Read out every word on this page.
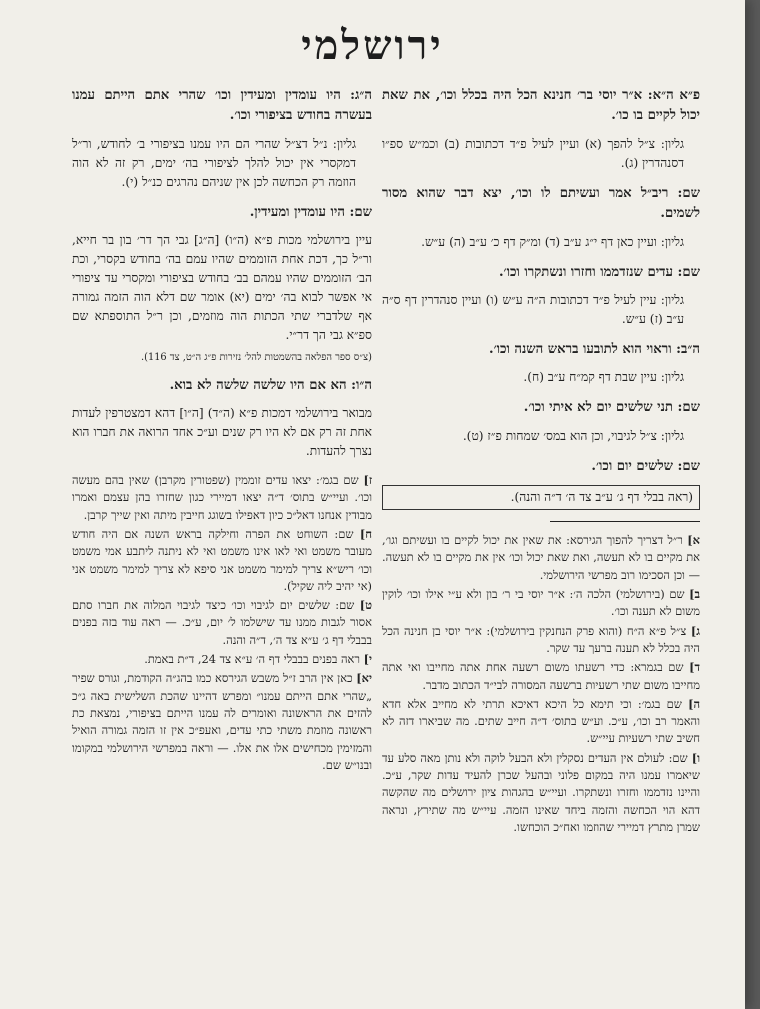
ירושלמי
פ״א ה״א: א״ר יוסי בר׳ חנינא הכל היה בכלל וכו׳, את שאת יכול לקיים בו כו׳.
גליון: צ״ל להפך (א) ועיין לעיל פ״ד דכתובות (ב) וכמ״ש ספ״ו דסנהדרין (ג).
שם: ריב״ל אמר ועשיתם לו וכו׳, יצא דבר שהוא מסור לשמים.
גליון: ועיין כאן דף י״ג ע״ב (ד) ומ״ק דף כ׳ ע״ב (ה) ע״ש.
שם: עדים שנזדממו וחזרו ונשתקרו וכו׳.
גליון: עיין לעיל פ״ד דכתובות ה״ה ע״ש (ו) ועיין סנהדרין דף ס״ה ע״ב (ז) ע״ש.
ה״ב: וראוי הוא לתובעו בראש השנה וכו׳.
גליון: עיין שבת דף קמ״ח ע״ב (ח).
שם: תני שלשים יום לא איתי וכו׳.
גליון: צ״ל לגיבוי, וכן הוא במס׳ שמחות פ״ז (ט).
שם: שלשים יום וכו׳.
(ראה בבלי דף ג׳ ע״ב צד ה׳ ד״ה והנה).
א] ר״ל דצריך להפוך הגירסא: את שאין את יכול לקיים בו ועשיתם וגו׳, את מקיים בו לא תעשה, ואת שאת יכול וכו׳ אין את מקיים בו לא תעשה. — וכן הסכימו רוב מפרשי הירושלמי.
ב] שם (בירושלמי) הלכה ה׳: א״ר יוסי בי ר׳ בון ולא ע״י אילו וכו׳ לוקין משום לא תענה וכו׳.
ג] צ״ל פ״א ה״ח (והוא פרק הנחנקין בירושלמי): א״ר יוסי בן חנינה הכל היה בכלל לא תענה ברעך עד שקר.
ד] שם בגמרא: כדי רשעתו משום רשעה אחת אתה מחייבו ואי אתה מחייבו משום שתי רשעיות ברשעה המסורה לבי״ד הכתוב מדבר.
ה] שם בגמ׳: וכי תימא כל היכא דאיכא תרתי לא מחייב אלא חדא והאמר רב וכו׳, ע״כ. וע״ש בתוס׳ ד״ה חייב שתים. מה שביארו דזה לא חשיב שתי רשעיות עיי״ש.
ו] שם: לעולם אין העדים נסקלין ולא הבעל לוקה ולא נותן מאה סלע עד שיאמרו עמנו היה במקום פלוני ובהעל שכרן להעיד עדות שקר, ע״כ. והיינו נזדממו וחזרו ונשתקרו. ועיי״ש בהגהות ציון ירושלים מה שהקשה דהא הוי הכחשה והזמה ביחד שאינו הזמה. עיי״ש מה שתירץ, ונראה שמרן מתרץ דמיירי שהוזמו ואח״כ הוכחשו.
ה״ג: היו עומדין ומעידין וכו׳ שהרי אתם הייתם עמנו בעשרה בחודש בציפורי וכו׳.
גליון: נ״ל דצ״ל שהרי הם היו עמנו בציפורי ב׳ לחודש, ור״ל דמקסרי אין יכול להלך לציפורי בה׳ ימים, רק זה לא הוה הוזמה רק הכחשה לכן אין שניהם נהרגים כנ״ל (י).
שם: היו עומדין ומעידין.
עיין בירושלמי מכות פ״א (ה״ו) [ה״ג] גבי הך דר׳ בון בר חייא, ור״ל כך, דכת אחת הזוממים שהיו עמם בה׳ בחודש בקסרי, וכת הב׳ הזוממים שהיו עמהם בב׳ בחודש בציפורי ומקסרי עד ציפורי אי אפשר לבוא בה׳ ימים (יא) אומר שם דלא הוה הזמה גמורה אף שלדברי שתי הכתות הוה מוזמים, וכן ר״ל התוספתא שם ספ״א גבי הך דר״י.
(צ״ס ספר הפלאה בהשמטות להל׳ נזירות פ״ג ה״ט, צד 116).
ה״ו: הא אם היו שלשה שלשה לא בוא.
מבואר בירושלמי דמכות פ״א (ה״ד) [ה״ו] דהא דמצטרפין לעדות אחת זה רק אם לא היו רק שנים וע״כ אחד הרואה את חברו הוא נצרך להעדות.
ז] שם בגמ׳: יצאו עדים זוממין (שפטורין מקרבן) שאין בהם מעשה וכו׳. ועיי״ש בתוס׳ ד״ה יצאו דמיירי כגון שחזרו בהן עצמם ואמרו מבודין אנחנו דאל״כ כיון דאפילו בשוגג חייבין מיתה ואין שייך קרבן.
ח] שם: השוחט את הפרה וחילקה בראש השנה אם היה חודש מעובר משמט ואי לאו אינו משמט ואי לא ניתנה ליתבע אמי משמט וכו׳ ריש״א צריך למימר משמט אני סיפא לא צריך למימר משמט אני (אי יהיב ליה שקיל).
ט] שם: שלשים יום לגיבוי וכו׳ כיצד לגיבוי המלוה את חברו סתם אסור לגבות ממנו עד שישלמו ל׳ יום, ע״כ. — ראה עוד בזה בפנים בבבלי דף ג׳ ע״א צד ה׳, ד״ה והנה.
י] ראה בפנים בבבלי דף ה׳ ע״א צד 24, ד״ת באמת.
יא] כאן אין הרב ז״ל משבש הגירסא כמו בהג״ה הקודמת, וגורס שפיר „שהרי אתם הייתם עמנו״ ומפרש דהיינו שהכת השלישית באה ג״כ להזים את הראשונה ואומרים לה עמנו הייתם בציפורי, נמצאת כת ראשונה מוזמת משתי כתי עדים, ואעפ״כ אין זו הזמה גמורה הואיל והמזימין מכחישים אלו את אלו. — וראה במפרשי הירושלמי במקומו ובנו״ש שם.
